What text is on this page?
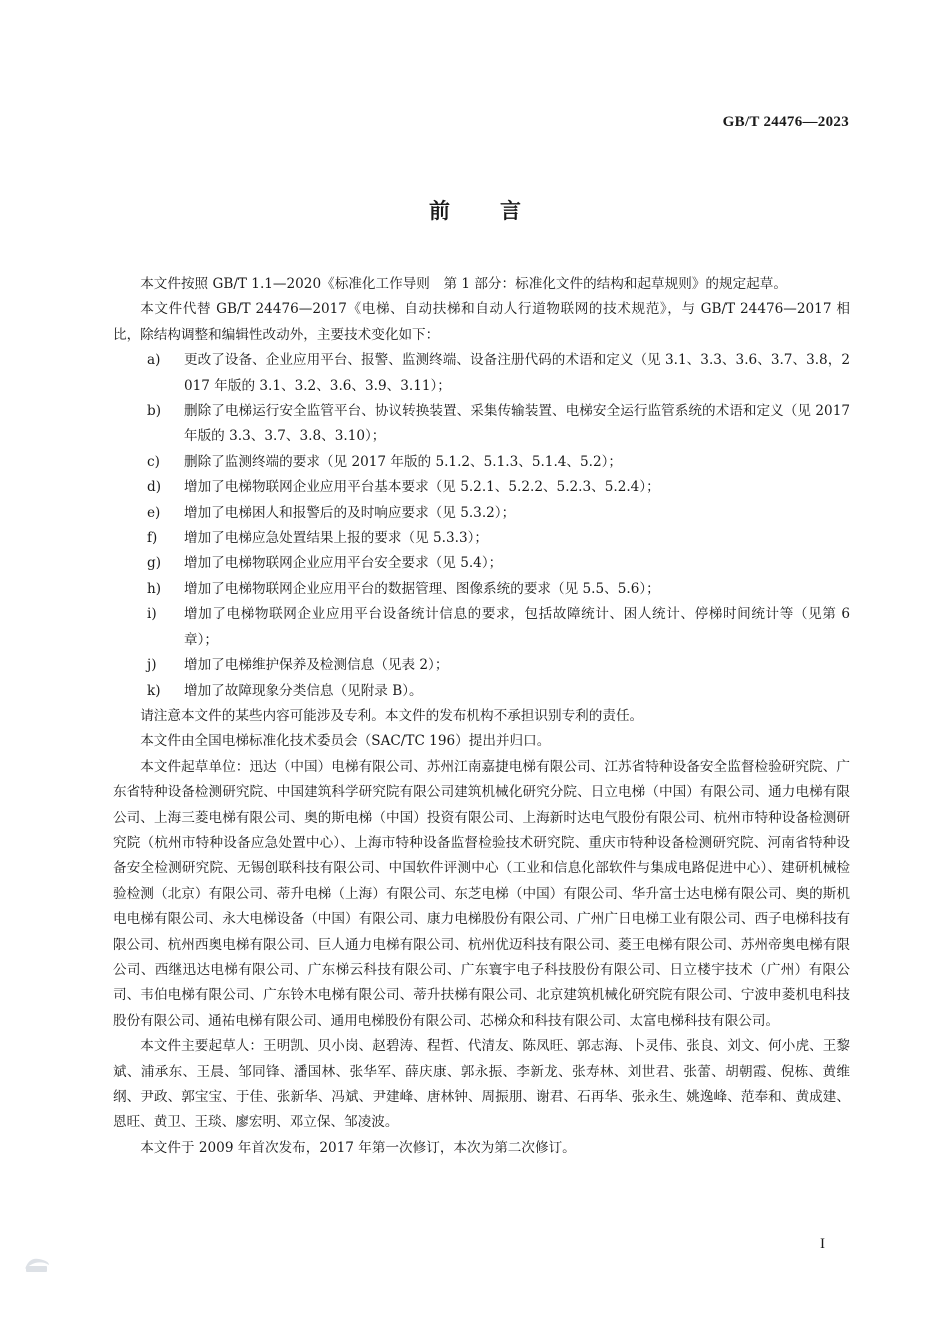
GB/T 24476—2023
前言

本文件按照 GB/T 1.1—2020《标准化工作导则　第 1 部分：标准化文件的结构和起草规则》的规定起草。

本文件代替 GB/T 24476—2017《电梯、自动扶梯和自动人行道物联网的技术规范》，与 GB/T 24476—2017 相比，除结构调整和编辑性改动外，主要技术变化如下：

a) 更改了设备、企业应用平台、报警、监测终端、设备注册代码的术语和定义（见 3.1、3.3、3.6、3.7、3.8，2017 年版的 3.1、3.2、3.6、3.9、3.11）；
b) 删除了电梯运行安全监管平台、协议转换装置、采集传输装置、电梯安全运行监管系统的术语和定义（见 2017 年版的 3.3、3.7、3.8、3.10）；
c) 删除了监测终端的要求（见 2017 年版的 5.1.2、5.1.3、5.1.4、5.2）；
d) 增加了电梯物联网企业应用平台基本要求（见 5.2.1、5.2.2、5.2.3、5.2.4）；
e) 增加了电梯困人和报警后的及时响应要求（见 5.3.2）；
f) 增加了电梯应急处置结果上报的要求（见 5.3.3）；
g) 增加了电梯物联网企业应用平台安全要求（见 5.4）；
h) 增加了电梯物联网企业应用平台的数据管理、图像系统的要求（见 5.5、5.6）；
i) 增加了电梯物联网企业应用平台设备统计信息的要求，包括故障统计、困人统计、停梯时间统计等（见第 6 章）；
j) 增加了电梯维护保养及检测信息（见表 2）；
k) 增加了故障现象分类信息（见附录 B）。

请注意本文件的某些内容可能涉及专利。本文件的发布机构不承担识别专利的责任。

本文件由全国电梯标准化技术委员会（SAC/TC 196）提出并归口。

本文件起草单位：迅达（中国）电梯有限公司、苏州江南嘉捷电梯有限公司、江苏省特种设备安全监督检验研究院、广东省特种设备检测研究院、中国建筑科学研究院有限公司建筑机械化研究分院、日立电梯（中国）有限公司、通力电梯有限公司、上海三菱电梯有限公司、奥的斯电梯（中国）投资有限公司、上海新时达电气股份有限公司、杭州市特种设备检测研究院（杭州市特种设备应急处置中心）、上海市特种设备监督检验技术研究院、重庆市特种设备检测研究院、河南省特种设备安全检测研究院、无锡创联科技有限公司、中国软件评测中心（工业和信息化部软件与集成电路促进中心）、建研机械检验检测（北京）有限公司、蒂升电梯（上海）有限公司、东芝电梯（中国）有限公司、华升富士达电梯有限公司、奥的斯机电电梯有限公司、永大电梯设备（中国）有限公司、康力电梯股份有限公司、广州广日电梯工业有限公司、西子电梯科技有限公司、杭州西奥电梯有限公司、巨人通力电梯有限公司、杭州优迈科技有限公司、菱王电梯有限公司、苏州帝奥电梯有限公司、西继迅达电梯有限公司、广东梯云科技有限公司、广东寰宇电子科技股份有限公司、日立楼宇技术（广州）有限公司、韦伯电梯有限公司、广东铃木电梯有限公司、蒂升扶梯有限公司、北京建筑机械化研究院有限公司、宁波申菱机电科技股份有限公司、通祐电梯有限公司、通用电梯股份有限公司、芯梯众和科技有限公司、太富电梯科技有限公司。

本文件主要起草人：王明凯、贝小岗、赵碧涛、程哲、代清友、陈凤旺、郭志海、卜灵伟、张良、刘文、何小虎、王黎斌、浦承东、王晨、邹同锋、潘国林、张华军、薛庆康、郭永振、李新龙、张寿林、刘世君、张蕾、胡朝霞、倪栋、黄维纲、尹政、郭宝宝、于佳、张新华、冯斌、尹建峰、唐林钟、周振朋、谢君、石再华、张永生、姚逸峰、范奉和、黄成建、恩旺、黄卫、王琰、廖宏明、邓立保、邹凌波。

本文件于 2009 年首次发布，2017 年第一次修订，本次为第二次修订。

I
